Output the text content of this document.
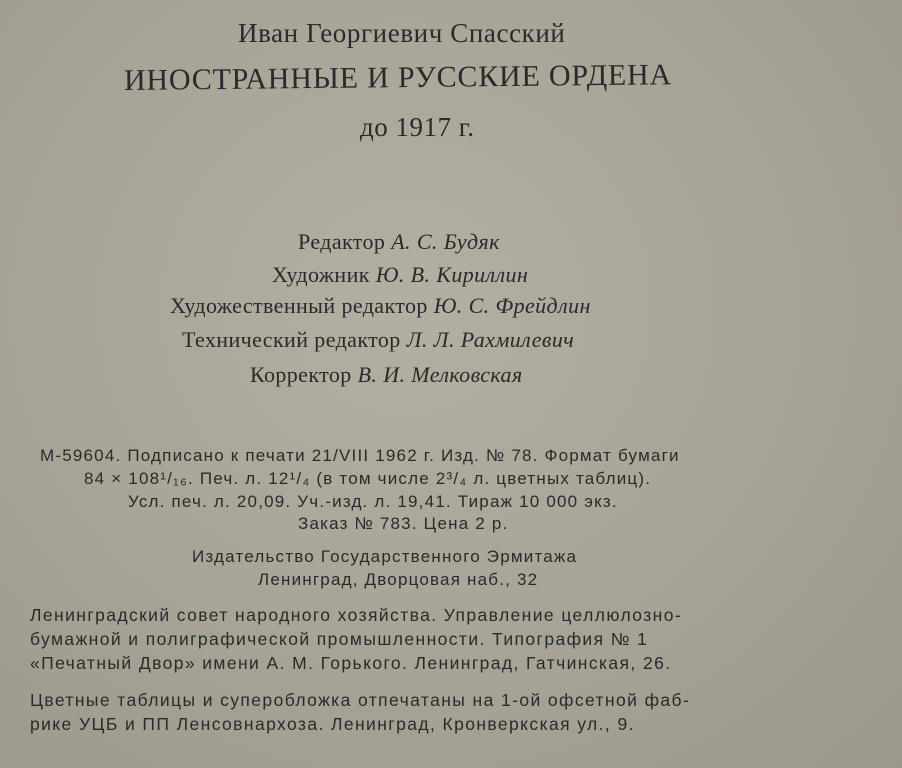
Иван Георгиевич Спасский
ИНОСТРАННЫЕ И РУССКИЕ ОРДЕНА
до 1917 г.
Редактор А. С. Будяк
Художник Ю. В. Кириллин
Художественный редактор Ю. С. Фрейдлин
Технический редактор Л. Л. Рахмилевич
Корректор В. И. Мелковская
М-59604. Подписано к печати 21/VIII 1962 г. Изд. № 78. Формат бумаги
84 × 108¹/₁₆. Печ. л. 12¹/₄ (в том числе 2³/₄ л. цветных таблиц).
Усл. печ. л. 20,09. Уч.-изд. л. 19,41. Тираж 10 000 экз.
Заказ № 783. Цена 2 р.
Издательство Государственного Эрмитажа
Ленинград, Дворцовая наб., 32
Ленинградский совет народного хозяйства. Управление целлюлозно-
бумажной и полиграфической промышленности. Типография № 1
«Печатный Двор» имени А. М. Горького. Ленинград, Гатчинская, 26.
Цветные таблицы и суперобложка отпечатаны на 1-ой офсетной фаб-
рике УЦБ и ПП Ленсовнархоза. Ленинград, Кронверкская ул., 9.
